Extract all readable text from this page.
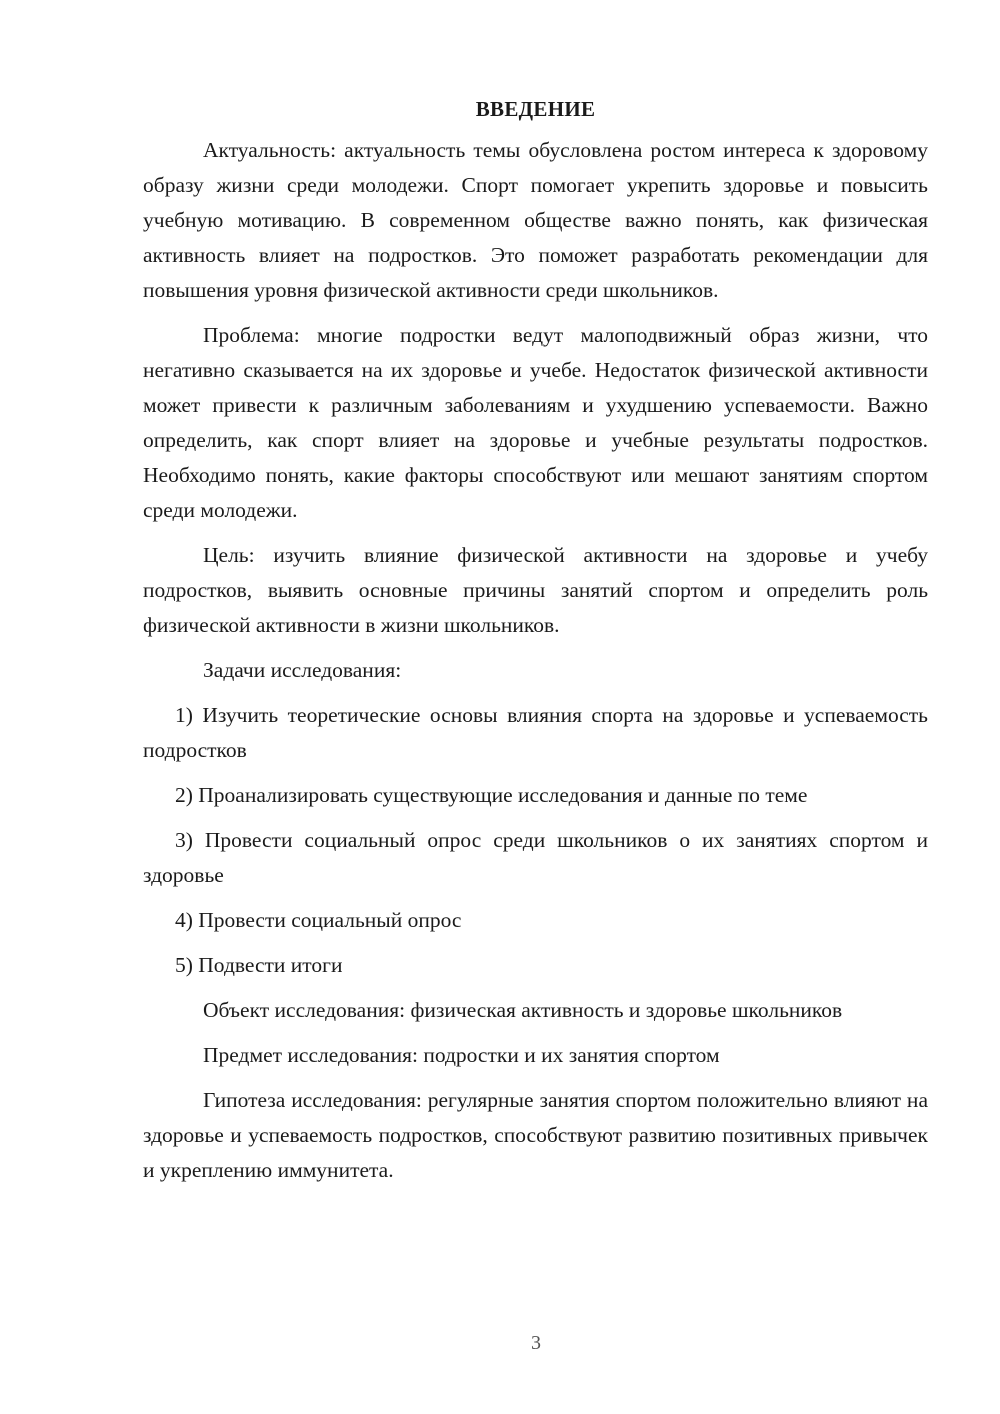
ВВЕДЕНИЕ

Актуальность: актуальность темы обусловлена ростом интереса к здоровому образу жизни среди молодежи. Спорт помогает укрепить здоровье и повысить учебную мотивацию. В современном обществе важно понять, как физическая активность влияет на подростков. Это поможет разработать рекомендации для повышения уровня физической активности среди школьников.

Проблема: многие подростки ведут малоподвижный образ жизни, что негативно сказывается на их здоровье и учебе. Недостаток физической активности может привести к различным заболеваниям и ухудшению успеваемости. Важно определить, как спорт влияет на здоровье и учебные результаты подростков. Необходимо понять, какие факторы способствуют или мешают занятиям спортом среди молодежи.

Цель: изучить влияние физической активности на здоровье и учебу подростков, выявить основные причины занятий спортом и определить роль физической активности в жизни школьников.

Задачи исследования:

1) Изучить теоретические основы влияния спорта на здоровье и успеваемость подростков

2) Проанализировать существующие исследования и данные по теме

3) Провести социальный опрос среди школьников о их занятиях спортом и здоровье

4) Провести социальный опрос

5) Подвести итоги

Объект исследования: физическая активность и здоровье школьников

Предмет исследования: подростки и их занятия спортом

Гипотеза исследования: регулярные занятия спортом положительно влияют на здоровье и успеваемость подростков, способствуют развитию позитивных привычек и укреплению иммунитета.

3
